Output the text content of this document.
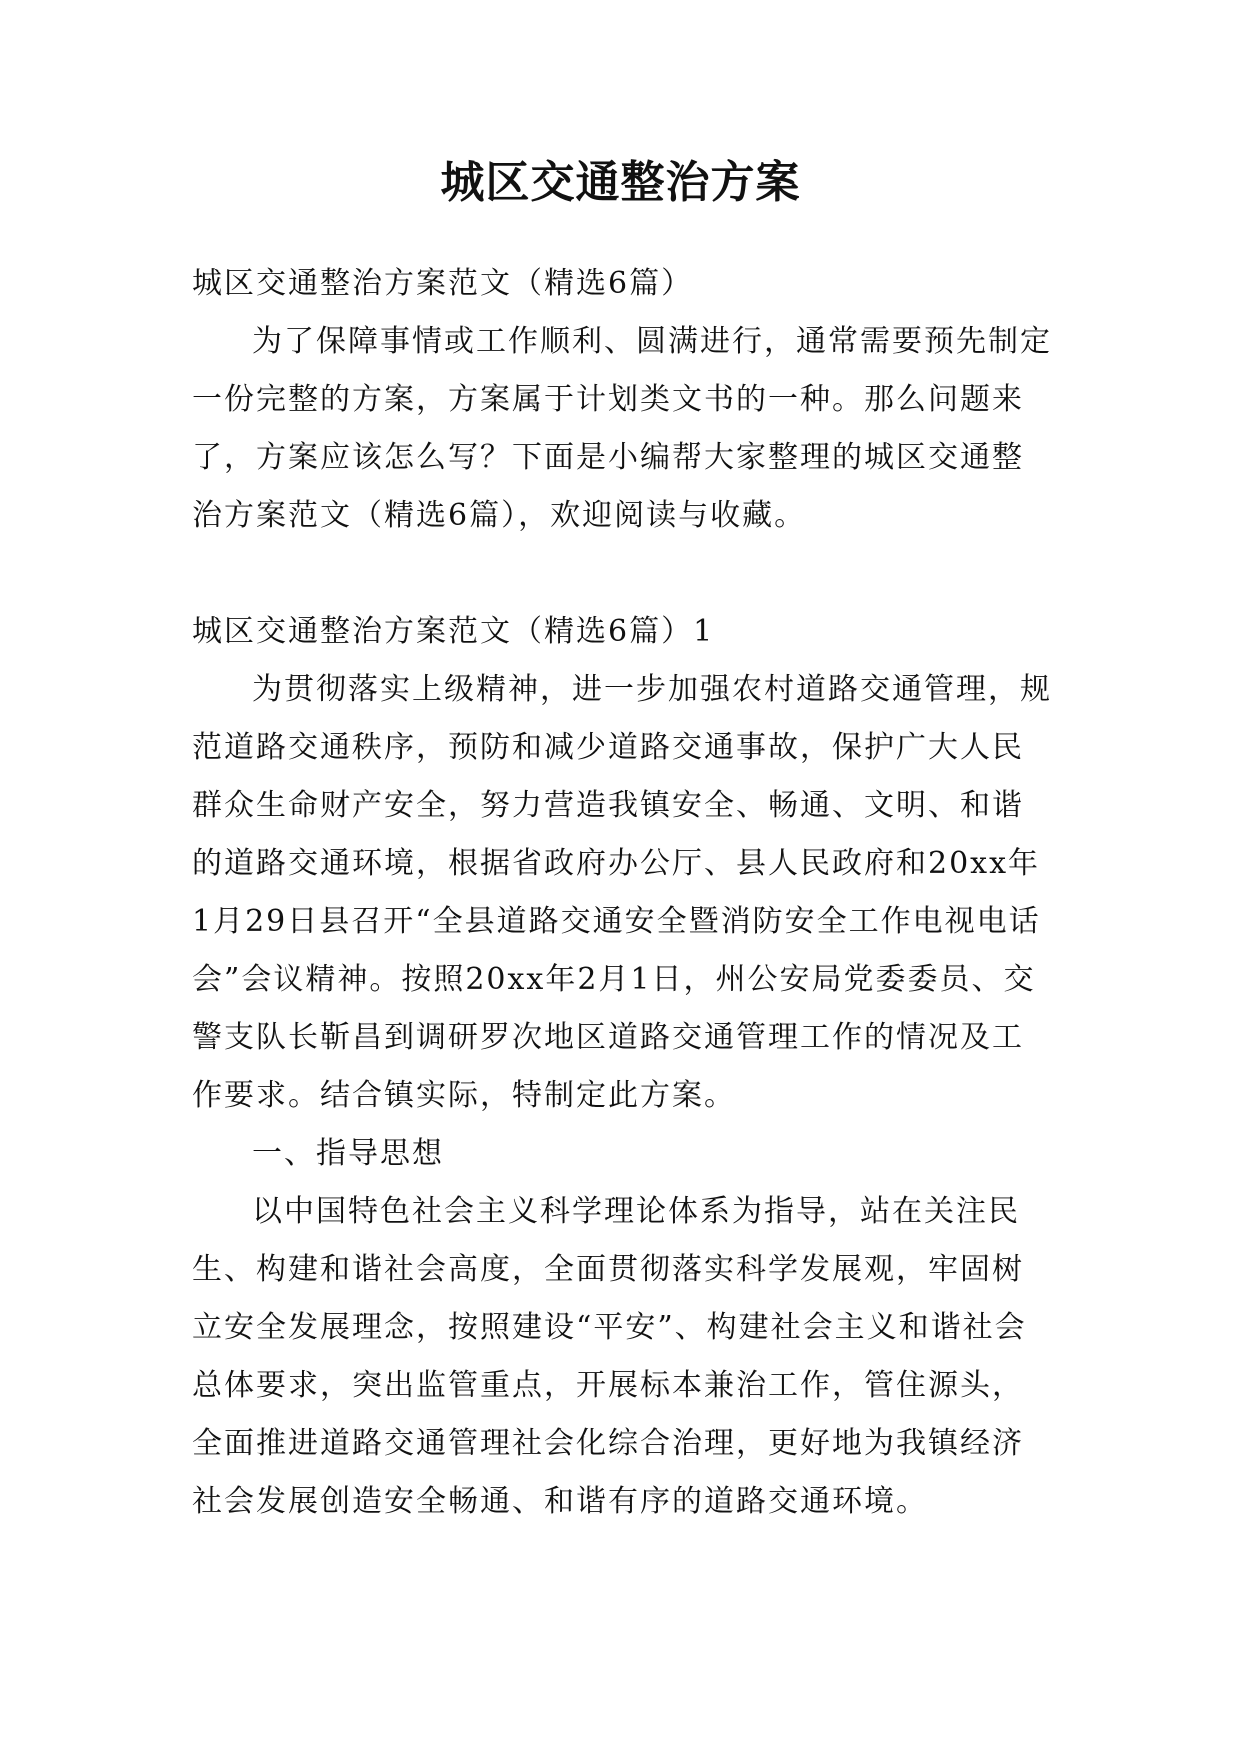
城区交通整治方案

城区交通整治方案范文（精选6篇）

为了保障事情或工作顺利、圆满进行，通常需要预先制定一份完整的方案，方案属于计划类文书的一种。那么问题来了，方案应该怎么写？下面是小编帮大家整理的城区交通整治方案范文（精选6篇），欢迎阅读与收藏。

城区交通整治方案范文（精选6篇）1

为贯彻落实上级精神，进一步加强农村道路交通管理，规范道路交通秩序，预防和减少道路交通事故，保护广大人民群众生命财产安全，努力营造我镇安全、畅通、文明、和谐的道路交通环境，根据省政府办公厅、县人民政府和20xx年1月29日县召开“全县道路交通安全暨消防安全工作电视电话会”会议精神。按照20xx年2月1日，州公安局党委委员、交警支队长靳昌到调研罗次地区道路交通管理工作的情况及工作要求。结合镇实际，特制定此方案。

一、指导思想

以中国特色社会主义科学理论体系为指导，站在关注民生、构建和谐社会高度，全面贯彻落实科学发展观，牢固树立安全发展理念，按照建设“平安”、构建社会主义和谐社会总体要求，突出监管重点，开展标本兼治工作，管住源头，全面推进道路交通管理社会化综合治理，更好地为我镇经济社会发展创造安全畅通、和谐有序的道路交通环境。
